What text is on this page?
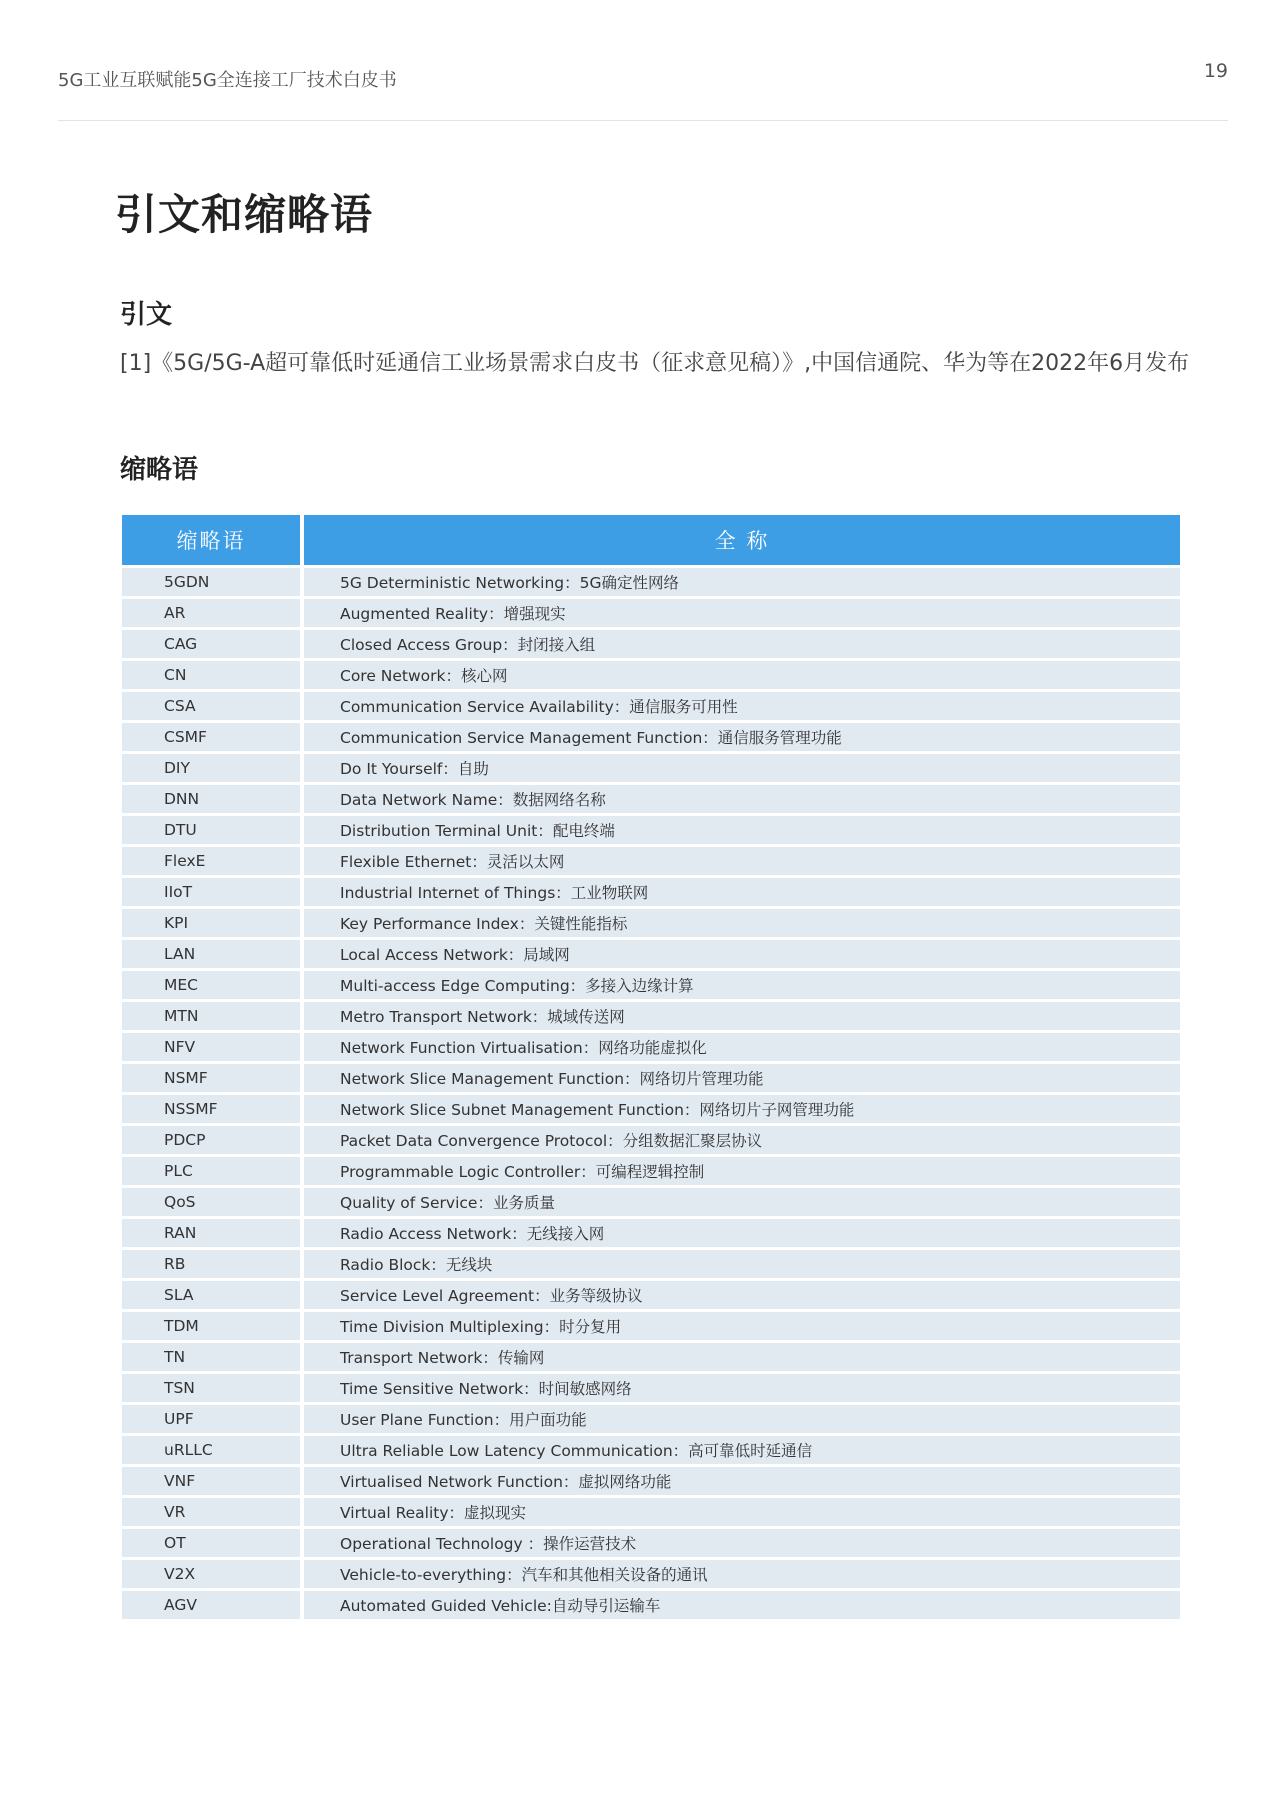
5G工业互联赋能5G全连接工厂技术白皮书	19
引文和缩略语
引文
[1]《5G/5G-A超可靠低时延通信工业场景需求白皮书（征求意见稿）》,中国信通院、华为等在2022年6月发布
缩略语
缩略语	全 称
5GDN	5G Deterministic Networking：5G确定性网络
AR	Augmented Reality：增强现实
CAG	Closed Access Group：封闭接入组
CN	Core Network：核心网
CSA	Communication Service Availability：通信服务可用性
CSMF	Communication Service Management Function：通信服务管理功能
DIY	Do It Yourself：自助
DNN	Data Network Name：数据网络名称
DTU	Distribution Terminal Unit：配电终端
FlexE	Flexible Ethernet：灵活以太网
IIoT	Industrial Internet of Things：工业物联网
KPI	Key Performance Index：关键性能指标
LAN	Local Access Network：局域网
MEC	Multi-access Edge Computing：多接入边缘计算
MTN	Metro Transport Network：城域传送网
NFV	Network Function Virtualisation：网络功能虚拟化
NSMF	Network Slice Management Function：网络切片管理功能
NSSMF	Network Slice Subnet Management Function：网络切片子网管理功能
PDCP	Packet Data Convergence Protocol：分组数据汇聚层协议
PLC	Programmable Logic Controller：可编程逻辑控制
QoS	Quality of Service：业务质量
RAN	Radio Access Network：无线接入网
RB	Radio Block：无线块
SLA	Service Level Agreement：业务等级协议
TDM	Time Division Multiplexing：时分复用
TN	Transport Network：传输网
TSN	Time Sensitive Network：时间敏感网络
UPF	User Plane Function：用户面功能
uRLLC	Ultra Reliable Low Latency Communication：高可靠低时延通信
VNF	Virtualised Network Function：虚拟网络功能
VR	Virtual Reality：虚拟现实
OT	Operational Technology ：操作运营技术
V2X	Vehicle-to-everything：汽车和其他相关设备的通讯
AGV	Automated Guided Vehicle:自动导引运输车
